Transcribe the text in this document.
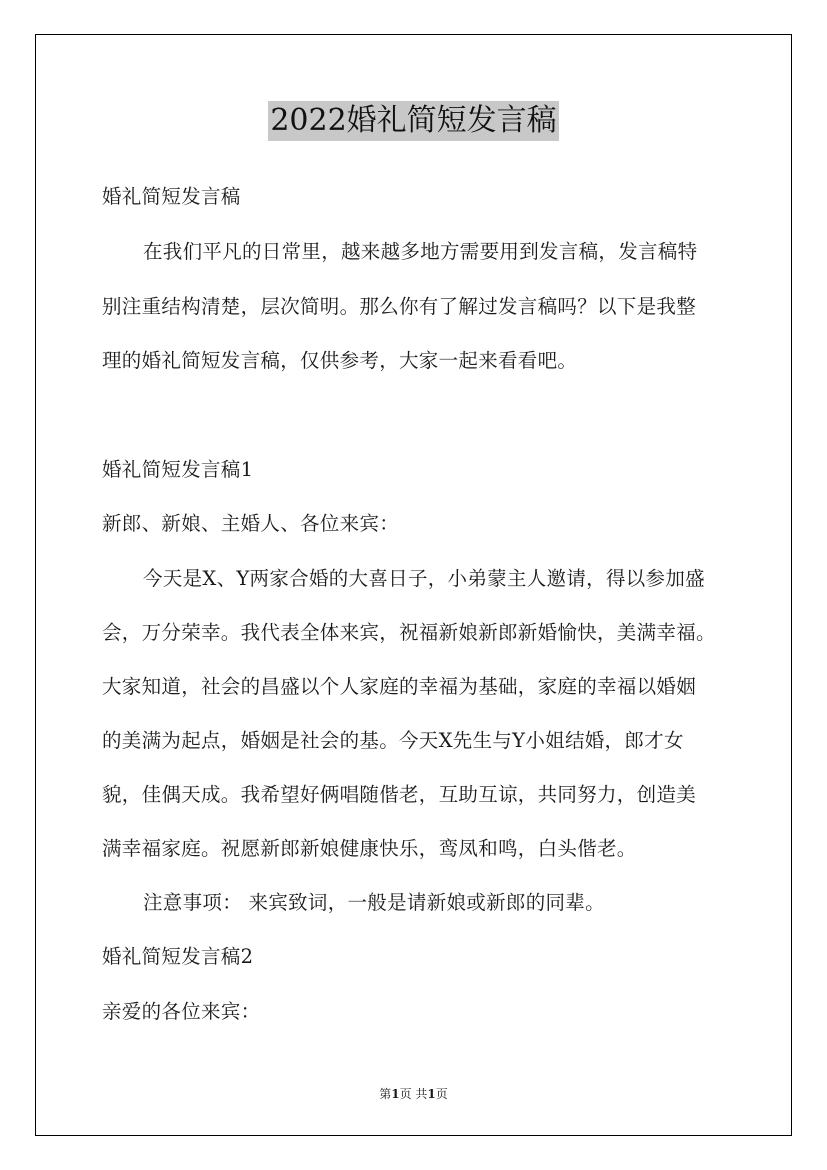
2022婚礼简短发言稿

婚礼简短发言稿

在我们平凡的日常里，越来越多地方需要用到发言稿，发言稿特

别注重结构清楚，层次简明。那么你有了解过发言稿吗？以下是我整

理的婚礼简短发言稿，仅供参考，大家一起来看看吧。

婚礼简短发言稿1

新郎、新娘、主婚人、各位来宾：

今天是X、Y两家合婚的大喜日子，小弟蒙主人邀请，得以参加盛

会，万分荣幸。我代表全体来宾，祝福新娘新郎新婚愉快，美满幸福。

大家知道，社会的昌盛以个人家庭的幸福为基础，家庭的幸福以婚姻

的美满为起点，婚姻是社会的基。今天X先生与Y小姐结婚，郎才女

貌，佳偶天成。我希望好俩唱随偕老，互助互谅，共同努力，创造美

满幸福家庭。祝愿新郎新娘健康快乐，鸾凤和鸣，白头偕老。

注意事项： 来宾致词，一般是请新娘或新郎的同辈。

婚礼简短发言稿2

亲爱的各位来宾：

第1页 共1页
